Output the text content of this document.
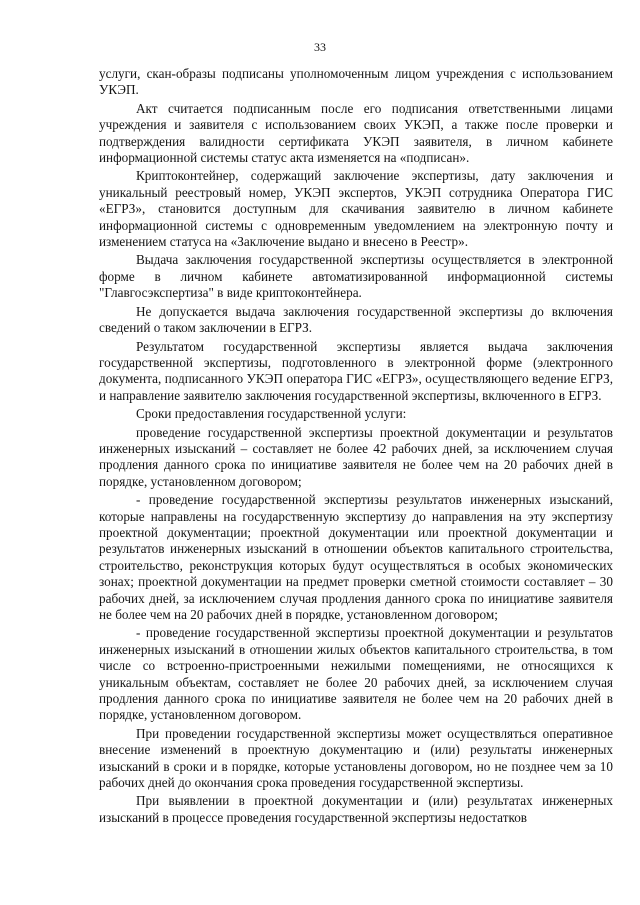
33

услуги, скан-образы подписаны уполномоченным лицом учреждения с использованием УКЭП.

Акт считается подписанным после его подписания ответственными лицами учреждения и заявителя с использованием своих УКЭП, а также после проверки и подтверждения валидности сертификата УКЭП заявителя, в личном кабинете информационной системы статус акта изменяется на «подписан».

Криптоконтейнер, содержащий заключение экспертизы, дату заключения и уникальный реестровый номер, УКЭП экспертов, УКЭП сотрудника Оператора ГИС «ЕГРЗ», становится доступным для скачивания заявителю в личном кабинете информационной системы с одновременным уведомлением на электронную почту и изменением статуса на «Заключение выдано и внесено в Реестр».

Выдача заключения государственной экспертизы осуществляется в электронной форме в личном кабинете автоматизированной информационной системы "Главгосэкспертиза" в виде криптоконтейнера.

Не допускается выдача заключения государственной экспертизы до включения сведений о таком заключении в ЕГРЗ.

Результатом государственной экспертизы является выдача заключения государственной экспертизы, подготовленного в электронной форме (электронного документа, подписанного УКЭП оператора ГИС «ЕГРЗ», осуществляющего ведение ЕГРЗ, и направление заявителю заключения государственной экспертизы, включенного в ЕГРЗ.

Сроки предоставления государственной услуги:

проведение государственной экспертизы проектной документации и результатов инженерных изысканий – составляет не более 42 рабочих дней, за исключением случая продления данного срока по инициативе заявителя не более чем на 20 рабочих дней в порядке, установленном договором;

- проведение государственной экспертизы результатов инженерных изысканий, которые направлены на государственную экспертизу до направления на эту экспертизу проектной документации; проектной документации или проектной документации и результатов инженерных изысканий в отношении объектов капитального строительства, строительство, реконструкция которых будут осуществляться в особых экономических зонах; проектной документации на предмет проверки сметной стоимости составляет – 30 рабочих дней, за исключением случая продления данного срока по инициативе заявителя не более чем на 20 рабочих дней в порядке, установленном договором;

- проведение государственной экспертизы проектной документации и результатов инженерных изысканий в отношении жилых объектов капитального строительства, в том числе со встроенно-пристроенными нежилыми помещениями, не относящихся к уникальным объектам, составляет не более 20 рабочих дней, за исключением случая продления данного срока по инициативе заявителя не более чем на 20 рабочих дней в порядке, установленном договором.

При проведении государственной экспертизы может осуществляться оперативное внесение изменений в проектную документацию и (или) результаты инженерных изысканий в сроки и в порядке, которые установлены договором, но не позднее чем за 10 рабочих дней до окончания срока проведения государственной экспертизы.

При выявлении в проектной документации и (или) результатах инженерных изысканий в процессе проведения государственной экспертизы недостатков
